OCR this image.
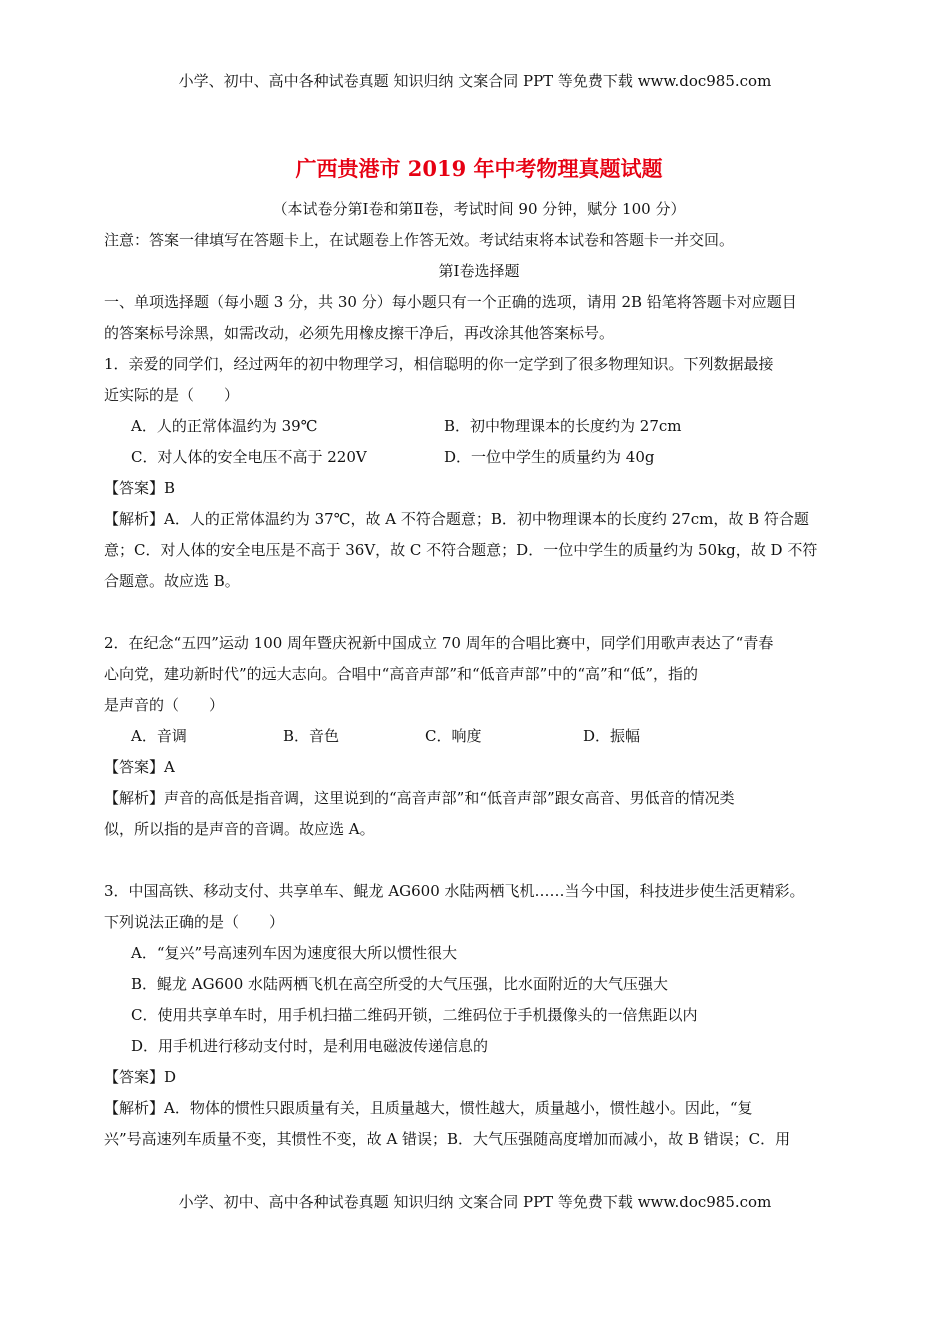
小学、初中、高中各种试卷真题 知识归纳 文案合同 PPT 等免费下载 www.doc985.com
广西贵港市 2019 年中考物理真题试题
（本试卷分第Ⅰ卷和第Ⅱ卷，考试时间 90 分钟，赋分 100 分）
注意：答案一律填写在答题卡上，在试题卷上作答无效。考试结束将本试卷和答题卡一并交回。
第Ⅰ卷选择题
一、单项选择题（每小题 3 分，共 30 分）每小题只有一个正确的选项，请用 2B 铅笔将答题卡对应题目
的答案标号涂黑，如需改动，必须先用橡皮擦干净后，再改涂其他答案标号。
1．亲爱的同学们，经过两年的初中物理学习，相信聪明的你一定学到了很多物理知识。下列数据最接
近实际的是（　　）
A．人的正常体温约为 39℃	B．初中物理课本的长度约为 27cm
C．对人体的安全电压不高于 220V	D．一位中学生的质量约为 40g
【答案】B
【解析】A．人的正常体温约为 37℃，故 A 不符合题意；B．初中物理课本的长度约 27cm，故 B 符合题
意；C．对人体的安全电压是不高于 36V，故 C 不符合题意；D．一位中学生的质量约为 50kg，故 D 不符
合题意。故应选 B。
2．在纪念“五四”运动 100 周年暨庆祝新中国成立 70 周年的合唱比赛中，同学们用歌声表达了“青春
心向党，建功新时代”的远大志向。合唱中“高音声部”和“低音声部”中的“高”和“低”，指的
是声音的（　　）
A．音调	B．音色	C．响度	D．振幅
【答案】A
【解析】声音的高低是指音调，这里说到的“高音声部”和“低音声部”跟女高音、男低音的情况类
似，所以指的是声音的音调。故应选 A。
3．中国高铁、移动支付、共享单车、鲲龙 AG600 水陆两栖飞机……当今中国，科技进步使生活更精彩。
下列说法正确的是（　　）
A．“复兴”号高速列车因为速度很大所以惯性很大
B．鲲龙 AG600 水陆两栖飞机在高空所受的大气压强，比水面附近的大气压强大
C．使用共享单车时，用手机扫描二维码开锁，二维码位于手机摄像头的一倍焦距以内
D．用手机进行移动支付时，是利用电磁波传递信息的
【答案】D
【解析】A．物体的惯性只跟质量有关，且质量越大，惯性越大，质量越小，惯性越小。因此，“复
兴”号高速列车质量不变，其惯性不变，故 A 错误；B．大气压强随高度增加而减小，故 B 错误；C．用
小学、初中、高中各种试卷真题 知识归纳 文案合同 PPT 等免费下载 www.doc985.com
